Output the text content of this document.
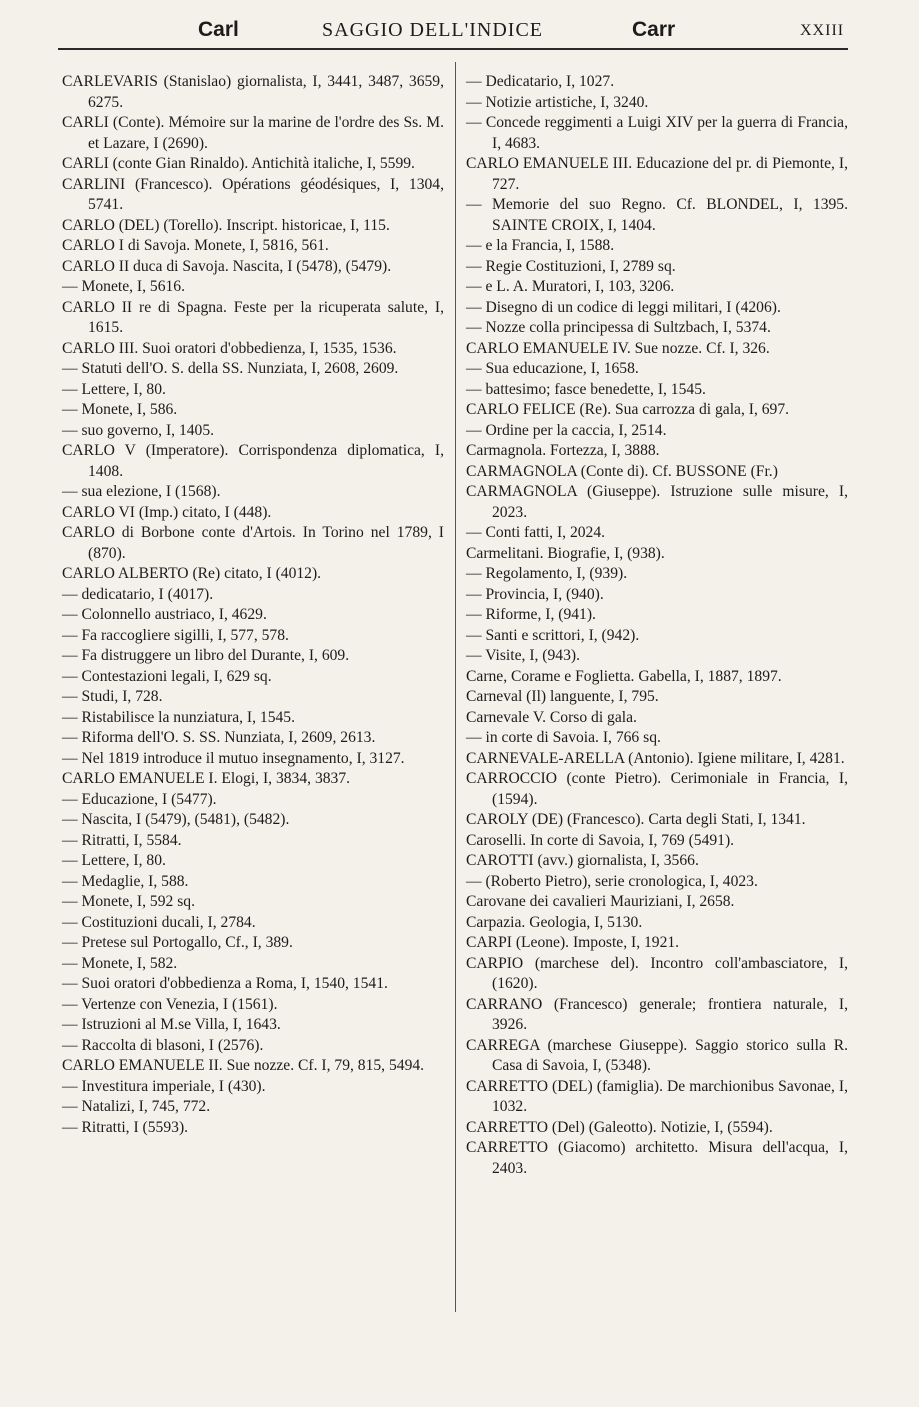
Carl	SAGGIO DELL'INDICE	Carr	XXIII
CARLEVARIS (Stanislao) giornalista, I, 3441, 3487, 3659, 6275.
CARLI (Conte). Mémoire sur la marine de l'ordre des Ss. M. et Lazare, I (2690).
CARLI (conte Gian Rinaldo). Antichità italiche, I, 5599.
CARLINI (Francesco). Opérations géodésiques, I, 1304, 5741.
CARLO (DEL) (Torello). Inscript. historicae, I, 115.
CARLO I di Savoja. Monete, I, 5816, 561.
CARLO II duca di Savoja. Nascita, I (5478), (5479).
— Monete, I, 5616.
CARLO II re di Spagna. Feste per la ricuperata salute, I, 1615.
CARLO III. Suoi oratori d'obbedienza, I, 1535, 1536.
— Statuti dell'O. S. della SS. Nunziata, I, 2608, 2609.
— Lettere, I, 80.
— Monete, I, 586.
— suo governo, I, 1405.
CARLO V (Imperatore). Corrispondenza diplomatica, I, 1408.
— sua elezione, I (1568).
CARLO VI (Imp.) citato, I (448).
CARLO di Borbone conte d'Artois. In Torino nel 1789, I (870).
CARLO ALBERTO (Re) citato, I (4012).
— dedicatario, I (4017).
— Colonnello austriaco, I, 4629.
— Fa raccogliere sigilli, I, 577, 578.
— Fa distruggere un libro del Durante, I, 609.
— Contestazioni legali, I, 629 sq.
— Studi, I, 728.
— Ristabilisce la nunziatura, I, 1545.
— Riforma dell'O. S. SS. Nunziata, I, 2609, 2613.
— Nel 1819 introduce il mutuo insegnamento, I, 3127.
CARLO EMANUELE I. Elogi, I, 3834, 3837.
— Educazione, I (5477).
— Nascita, I (5479), (5481), (5482).
— Ritratti, I, 5584.
— Lettere, I, 80.
— Medaglie, I, 588.
— Monete, I, 592 sq.
— Costituzioni ducali, I, 2784.
— Pretese sul Portogallo, Cf., I, 389.
— Monete, I, 582.
— Suoi oratori d'obbedienza a Roma, I, 1540, 1541.
— Vertenze con Venezia, I (1561).
— Istruzioni al M.se Villa, I, 1643.
— Raccolta di blasoni, I (2576).
CARLO EMANUELE II. Sue nozze. Cf. I, 79, 815, 5494.
— Investitura imperiale, I (430).
— Natalizi, I, 745, 772.
— Ritratti, I (5593).
— Dedicatario, I, 1027.
— Notizie artistiche, I, 3240.
— Concede reggimenti a Luigi XIV per la guerra di Francia, I, 4683.
CARLO EMANUELE III. Educazione del pr. di Piemonte, I, 727.
— Memorie del suo Regno. Cf. BLONDEL, I, 1395. SAINTE CROIX, I, 1404.
— e la Francia, I, 1588.
— Regie Costituzioni, I, 2789 sq.
— e L. A. Muratori, I, 103, 3206.
— Disegno di un codice di leggi militari, I (4206).
— Nozze colla principessa di Sultzbach, I, 5374.
CARLO EMANUELE IV. Sue nozze. Cf. I, 326.
— Sua educazione, I, 1658.
— battesimo; fasce benedette, I, 1545.
CARLO FELICE (Re). Sua carrozza di gala, I, 697.
— Ordine per la caccia, I, 2514.
Carmagnola. Fortezza, I, 3888.
CARMAGNOLA (Conte di). Cf. BUSSONE (Fr.)
CARMAGNOLA (Giuseppe). Istruzione sulle misure, I, 2023.
— Conti fatti, I, 2024.
Carmelitani. Biografie, I, (938).
— Regolamento, I, (939).
— Provincia, I, (940).
— Riforme, I, (941).
— Santi e scrittori, I, (942).
— Visite, I, (943).
Carne, Corame e Foglietta. Gabella, I, 1887, 1897.
Carneval (Il) languente, I, 795.
Carnevale V. Corso di gala.
— in corte di Savoia. I, 766 sq.
CARNEVALE-ARELLA (Antonio). Igiene militare, I, 4281.
CARROCCIO (conte Pietro). Cerimoniale in Francia, I, (1594).
CAROLY (DE) (Francesco). Carta degli Stati, I, 1341.
Caroselli. In corte di Savoia, I, 769 (5491).
CAROTTI (avv.) giornalista, I, 3566.
— (Roberto Pietro), serie cronologica, I, 4023.
Carovane dei cavalieri Mauriziani, I, 2658.
Carpazia. Geologia, I, 5130.
CARPI (Leone). Imposte, I, 1921.
CARPIO (marchese del). Incontro coll'ambasciatore, I, (1620).
CARRANO (Francesco) generale; frontiera naturale, I, 3926.
CARREGA (marchese Giuseppe). Saggio storico sulla R. Casa di Savoia, I, (5348).
CARRETTO (DEL) (famiglia). De marchionibus Savonae, I, 1032.
CARRETTO (Del) (Galeotto). Notizie, I, (5594).
CARRETTO (Giacomo) architetto. Misura dell'acqua, I, 2403.
